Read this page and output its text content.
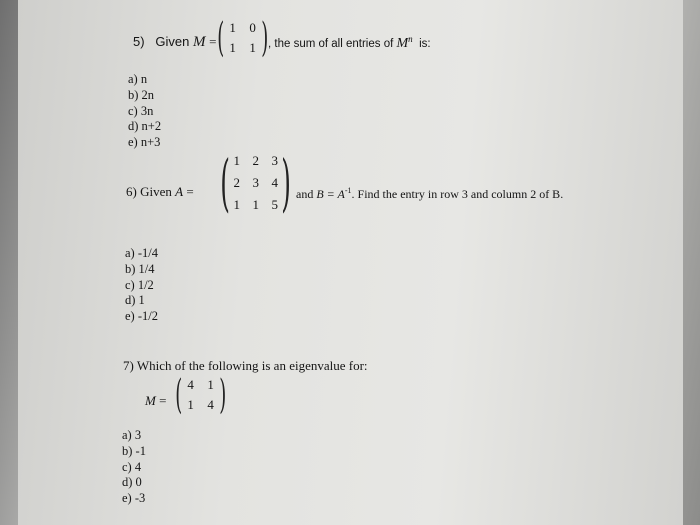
5) Given M = ( 1	0
1	1 ) , the sum of all entries of $M^n$ is:
a) n
b) 2n
c) 3n
d) n+2
e) n+3
6) Given A = ( 1 2 3
2 3 4
1 1 5 ) and $B = A^{-1}$. Find the entry in row 3 and column 2 of B.
a) -1/4
b) 1/4
c) 1/2
d) 1
e) -1/2
7) Which of the following is an eigenvalue for:
M = ( 4	1
1	4 )
a) 3
b) -1
c) 4
d) 0
e) -3
